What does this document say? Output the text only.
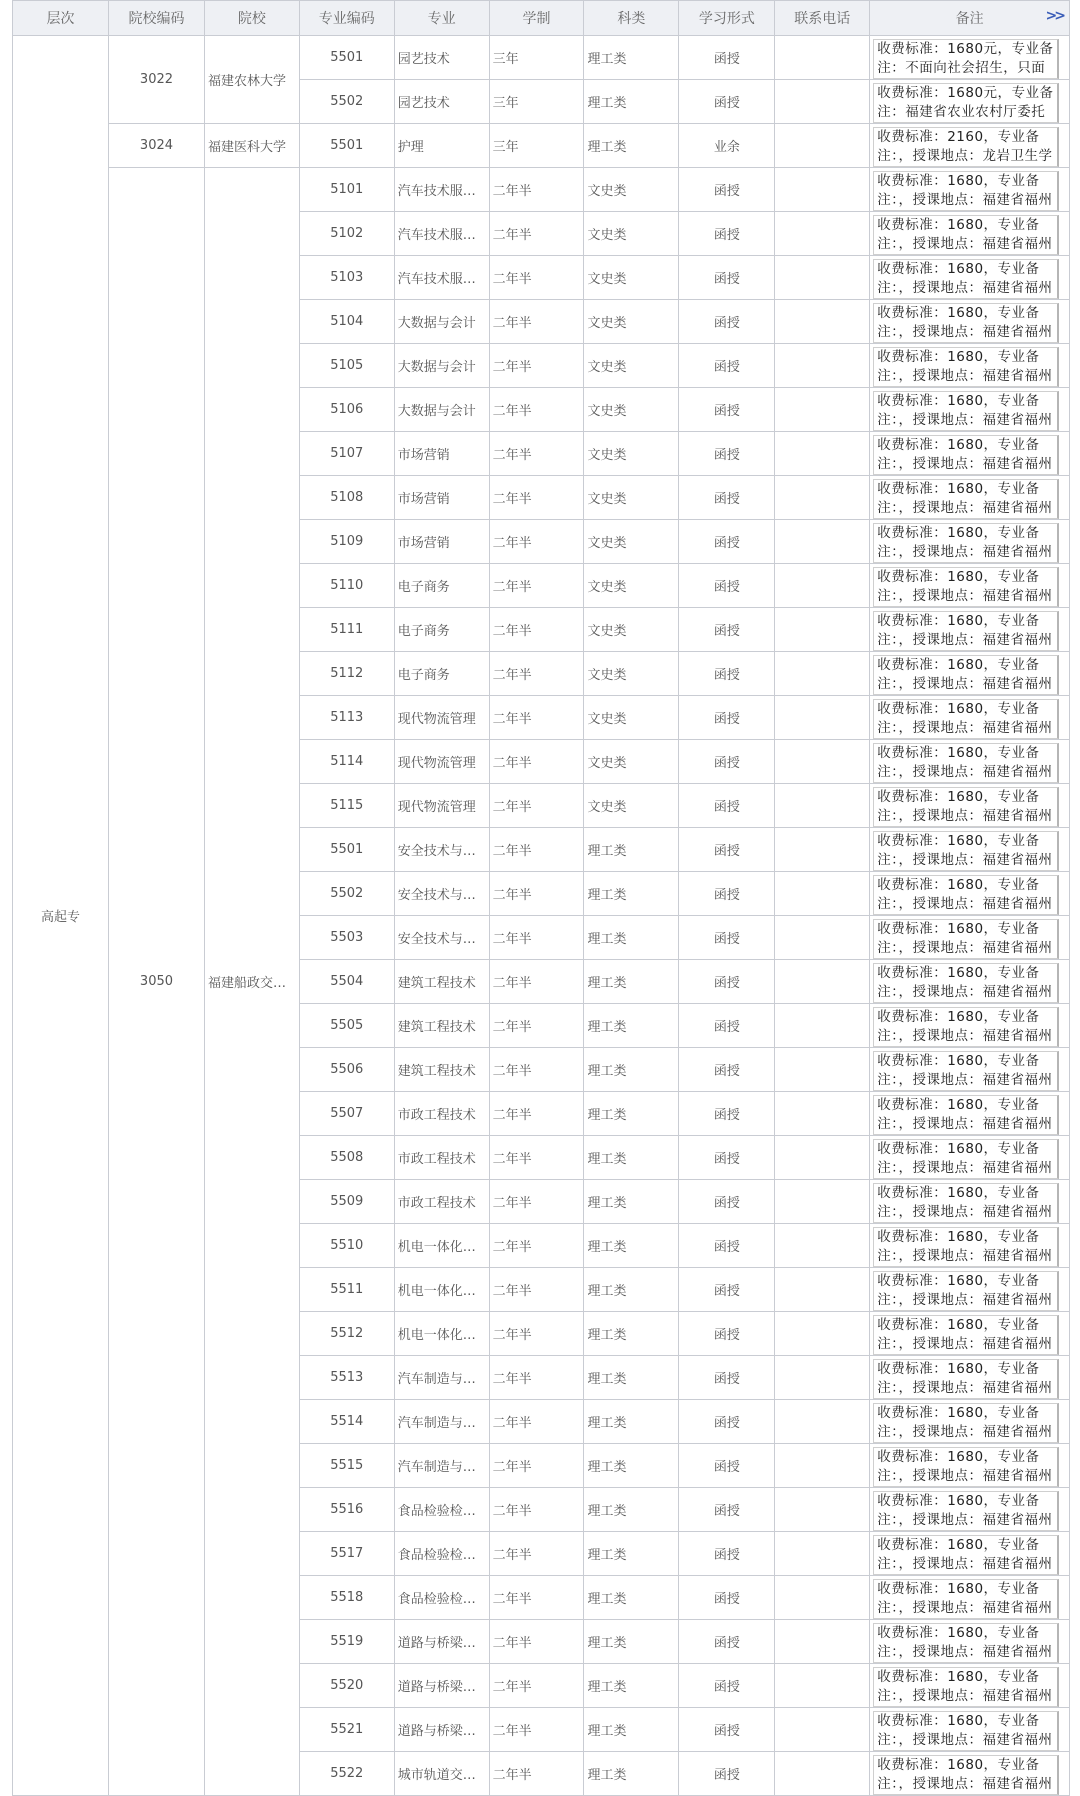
层次	院校编码	院校	专业编码	专业	学制	科类	学习形式	联系电话	备注 >>

高起专	3022	福建农林大学	5501	园艺技术	三年	理工类	函授		收费标准：1680元，专业备注：不面向社会招生，只面

			5502	园艺技术	三年	理工类	函授		收费标准：1680元，专业备注：福建省农业农村厅委托

	3024	福建医科大学	5501	护理	三年	理工类	业余		收费标准：2160，专业备注：，授课地点：龙岩卫生学

	3050	福建船政交…	5101	汽车技术服…	二年半	文史类	函授		收费标准：1680，专业备注：，授课地点：福建省福州

			5102	汽车技术服…	二年半	文史类	函授		收费标准：1680，专业备注：，授课地点：福建省福州

			5103	汽车技术服…	二年半	文史类	函授		收费标准：1680，专业备注：，授课地点：福建省福州

			5104	大数据与会计	二年半	文史类	函授		收费标准：1680，专业备注：，授课地点：福建省福州

			5105	大数据与会计	二年半	文史类	函授		收费标准：1680，专业备注：，授课地点：福建省福州

			5106	大数据与会计	二年半	文史类	函授		收费标准：1680，专业备注：，授课地点：福建省福州

			5107	市场营销	二年半	文史类	函授		收费标准：1680，专业备注：，授课地点：福建省福州

			5108	市场营销	二年半	文史类	函授		收费标准：1680，专业备注：，授课地点：福建省福州

			5109	市场营销	二年半	文史类	函授		收费标准：1680，专业备注：，授课地点：福建省福州

			5110	电子商务	二年半	文史类	函授		收费标准：1680，专业备注：，授课地点：福建省福州

			5111	电子商务	二年半	文史类	函授		收费标准：1680，专业备注：，授课地点：福建省福州

			5112	电子商务	二年半	文史类	函授		收费标准：1680，专业备注：，授课地点：福建省福州

			5113	现代物流管理	二年半	文史类	函授		收费标准：1680，专业备注：，授课地点：福建省福州

			5114	现代物流管理	二年半	文史类	函授		收费标准：1680，专业备注：，授课地点：福建省福州

			5115	现代物流管理	二年半	文史类	函授		收费标准：1680，专业备注：，授课地点：福建省福州

			5501	安全技术与…	二年半	理工类	函授		收费标准：1680，专业备注：，授课地点：福建省福州

			5502	安全技术与…	二年半	理工类	函授		收费标准：1680，专业备注：，授课地点：福建省福州

			5503	安全技术与…	二年半	理工类	函授		收费标准：1680，专业备注：，授课地点：福建省福州

			5504	建筑工程技术	二年半	理工类	函授		收费标准：1680，专业备注：，授课地点：福建省福州

			5505	建筑工程技术	二年半	理工类	函授		收费标准：1680，专业备注：，授课地点：福建省福州

			5506	建筑工程技术	二年半	理工类	函授		收费标准：1680，专业备注：，授课地点：福建省福州

			5507	市政工程技术	二年半	理工类	函授		收费标准：1680，专业备注：，授课地点：福建省福州

			5508	市政工程技术	二年半	理工类	函授		收费标准：1680，专业备注：，授课地点：福建省福州

			5509	市政工程技术	二年半	理工类	函授		收费标准：1680，专业备注：，授课地点：福建省福州

			5510	机电一体化…	二年半	理工类	函授		收费标准：1680，专业备注：，授课地点：福建省福州

			5511	机电一体化…	二年半	理工类	函授		收费标准：1680，专业备注：，授课地点：福建省福州

			5512	机电一体化…	二年半	理工类	函授		收费标准：1680，专业备注：，授课地点：福建省福州

			5513	汽车制造与…	二年半	理工类	函授		收费标准：1680，专业备注：，授课地点：福建省福州

			5514	汽车制造与…	二年半	理工类	函授		收费标准：1680，专业备注：，授课地点：福建省福州

			5515	汽车制造与…	二年半	理工类	函授		收费标准：1680，专业备注：，授课地点：福建省福州

			5516	食品检验检…	二年半	理工类	函授		收费标准：1680，专业备注：，授课地点：福建省福州

			5517	食品检验检…	二年半	理工类	函授		收费标准：1680，专业备注：，授课地点：福建省福州

			5518	食品检验检…	二年半	理工类	函授		收费标准：1680，专业备注：，授课地点：福建省福州

			5519	道路与桥梁…	二年半	理工类	函授		收费标准：1680，专业备注：，授课地点：福建省福州

			5520	道路与桥梁…	二年半	理工类	函授		收费标准：1680，专业备注：，授课地点：福建省福州

			5521	道路与桥梁…	二年半	理工类	函授		收费标准：1680，专业备注：，授课地点：福建省福州

			5522	城市轨道交…	二年半	理工类	函授		收费标准：1680，专业备注：，授课地点：福建省福州
